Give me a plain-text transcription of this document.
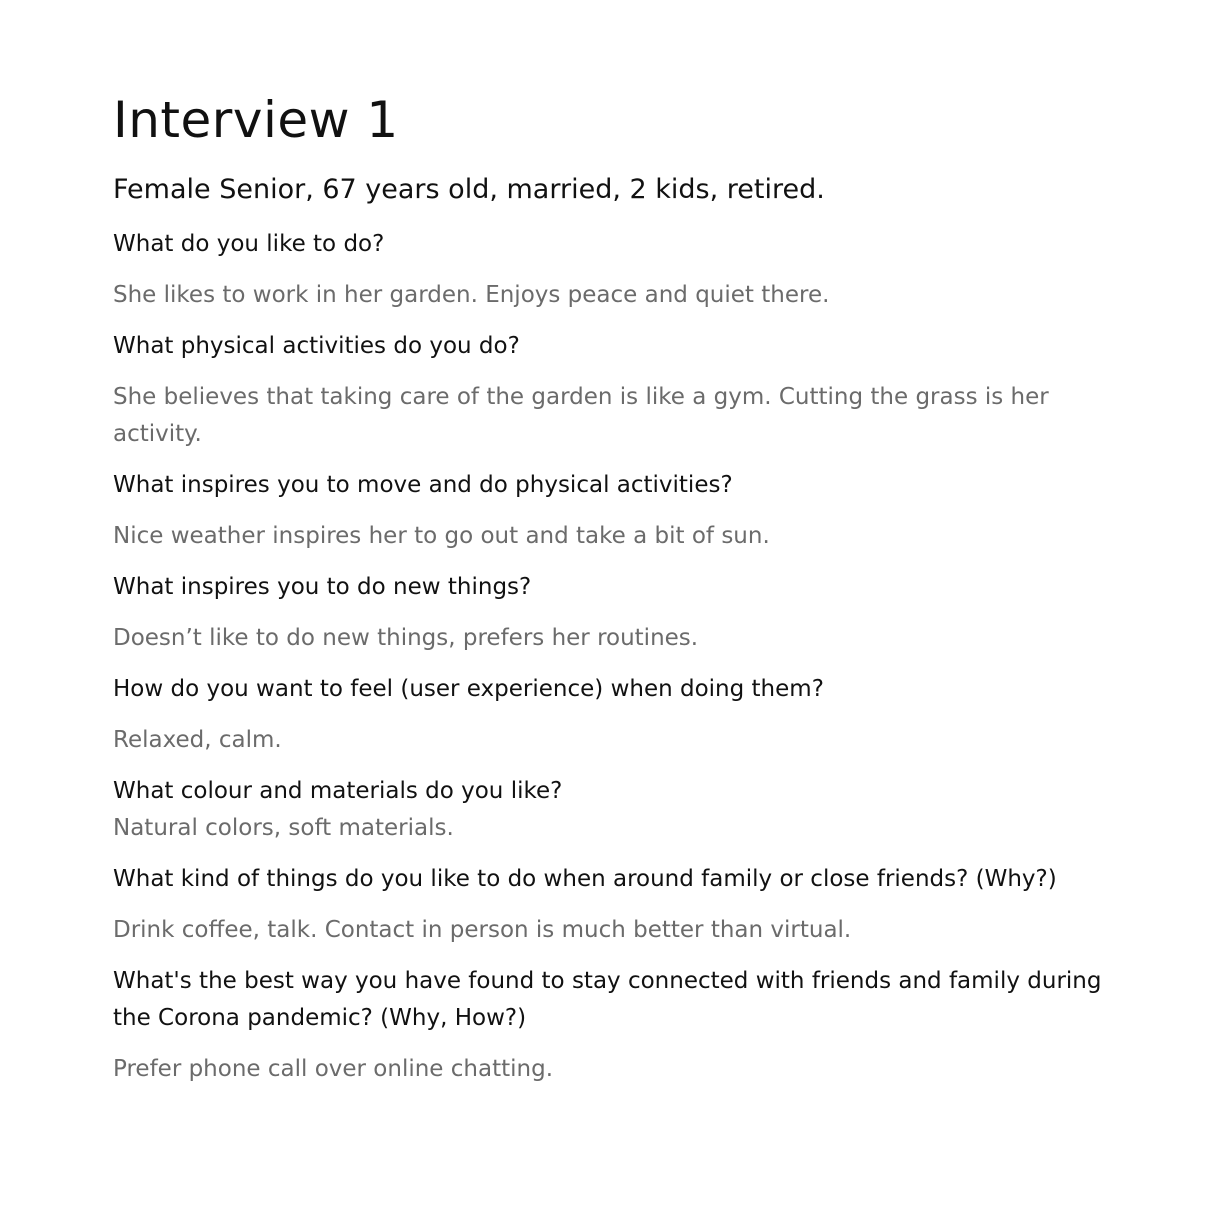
Interview 1

Female Senior, 67 years old, married, 2 kids, retired.

What do you like to do?

She likes to work in her garden. Enjoys peace and quiet there.

What physical activities do you do?

She believes that taking care of the garden is like a gym. Cutting the grass is her activity.

What inspires you to move and do physical activities?

Nice weather inspires her to go out and take a bit of sun.

What inspires you to do new things?

Doesn’t like to do new things, prefers her routines.

How do you want to feel (user experience) when doing them?

Relaxed, calm.

What colour and materials do you like?

Natural colors, soft materials.

What kind of things do you like to do when around family or close friends? (Why?)

Drink coffee, talk. Contact in person is much better than virtual.

What's the best way you have found to stay connected with friends and family during the Corona pandemic? (Why, How?)

Prefer phone call over online chatting.
